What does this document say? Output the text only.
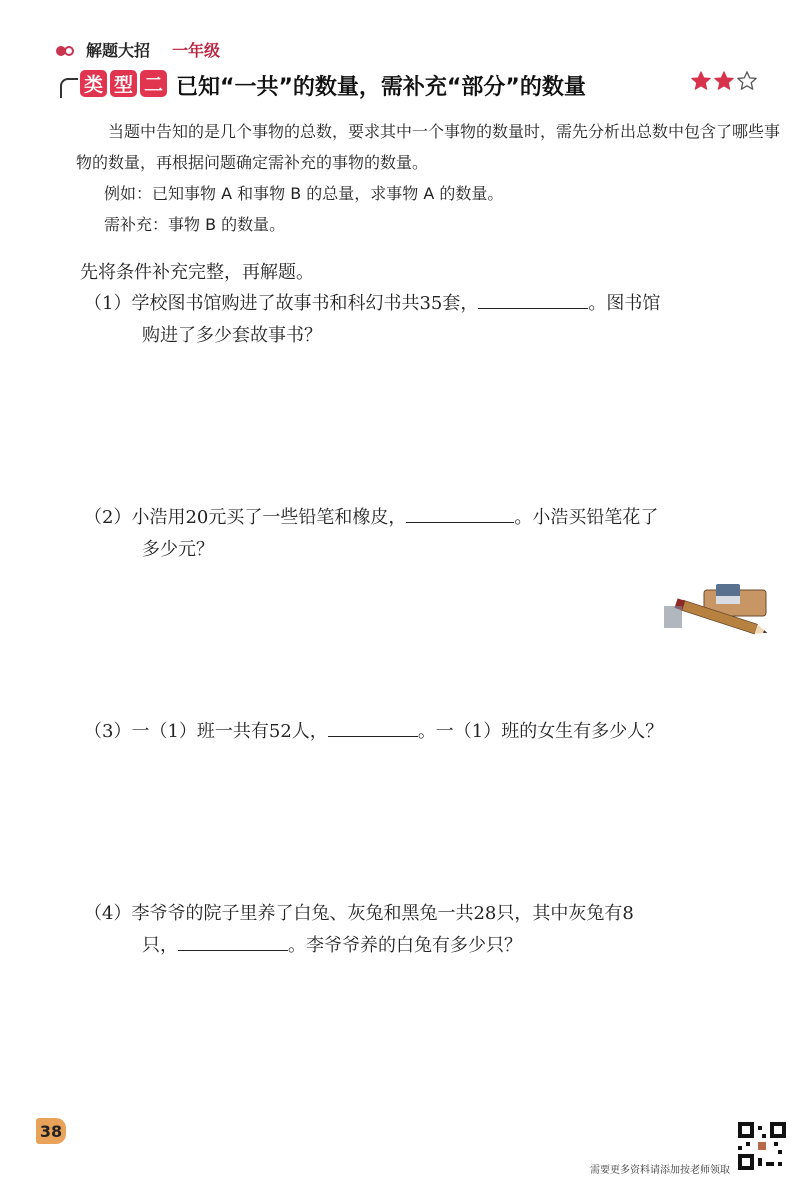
解题大招 一年级
类 型 二 已知“一共”的数量，需补充“部分”的数量

当题中告知的是几个事物的总数，要求其中一个事物的数量时，需先分析出总数中包含了哪些事物的数量，再根据问题确定需补充的事物的数量。

例如：已知事物 A 和事物 B 的总量，求事物 A 的数量。

需补充：事物 B 的数量。

先将条件补充完整，再解题。
（1）学校图书馆购进了故事书和科幻书共35套，	。图书馆
购进了多少套故事书？
（2）小浩用20元买了一些铅笔和橡皮，	。小浩买铅笔花了
多少元？
（3）一（1）班一共有52人，	。一（1）班的女生有多少人？
（4）李爷爷的院子里养了白兔、灰兔和黑兔一共28只，其中灰兔有8
只，	。李爷爷养的白兔有多少只？
38
需要更多资料请添加按老师领取
